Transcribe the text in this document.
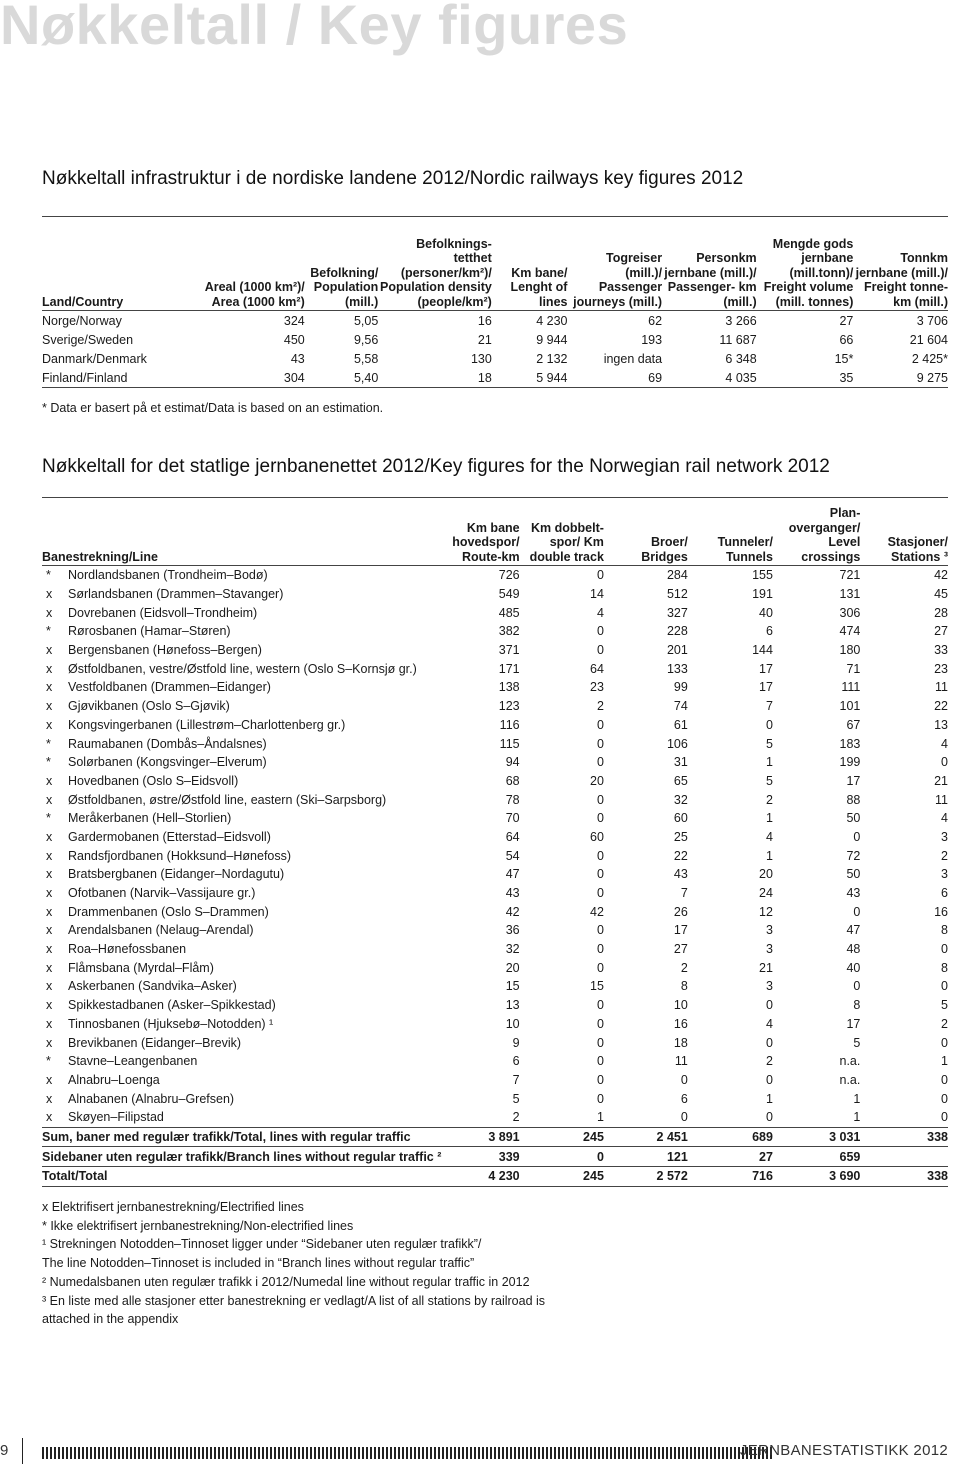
Nøkkeltall / Key figures
Nøkkeltall infrastruktur i de nordiske landene 2012/Nordic railways key figures 2012
Land/Country	Areal (1000 km²)/ Area (1000 km²)	Befolkning/ Population (mill.)	Befolknings- tetthet (personer/km²)/ Population density (people/km²)	Km bane/ Lenght of lines	Togreiser (mill.)/ Passenger journeys (mill.)	Personkm jernbane (mill.)/ Passenger- km (mill.)	Mengde gods jernbane (mill.tonn)/ Freight volume (mill. tonnes)	Tonnkm jernbane (mill.)/ Freight tonne-km (mill.)
Norge/Norway	324	5,05	16	4 230	62	3 266	27	3 706
Sverige/Sweden	450	9,56	21	9 944	193	11 687	66	21 604
Danmark/Denmark	43	5,58	130	2 132	ingen data	6 348	15*	2 425*
Finland/Finland	304	5,40	18	5 944	69	4 035	35	9 275
* Data er basert på et estimat/Data is based on an estimation.
Nøkkeltall for det statlige jernbanenettet 2012/Key figures for the Norwegian rail network 2012
Banestrekning/Line		Km bane hovedspor/ Route-km	Km dobbelt- spor/ Km double track	Broer/ Bridges	Tunneler/ Tunnels	Plan- overganger/ Level crossings	Stasjoner/ Stations ³
*	Nordlandsbanen (Trondheim–Bodø)	726	0	284	155	721	42
x	Sørlandsbanen (Drammen–Stavanger)	549	14	512	191	131	45
x	Dovrebanen (Eidsvoll–Trondheim)	485	4	327	40	306	28
*	Rørosbanen (Hamar–Støren)	382	0	228	6	474	27
x	Bergensbanen (Hønefoss–Bergen)	371	0	201	144	180	33
x	Østfoldbanen, vestre/Østfold line, western (Oslo S–Kornsjø gr.)	171	64	133	17	71	23
x	Vestfoldbanen (Drammen–Eidanger)	138	23	99	17	111	11
x	Gjøvikbanen (Oslo S–Gjøvik)	123	2	74	7	101	22
x	Kongsvingerbanen (Lillestrøm–Charlottenberg gr.)	116	0	61	0	67	13
*	Raumabanen (Dombås–Åndalsnes)	115	0	106	5	183	4
*	Solørbanen (Kongsvinger–Elverum)	94	0	31	1	199	0
x	Hovedbanen (Oslo S–Eidsvoll)	68	20	65	5	17	21
x	Østfoldbanen, østre/Østfold line, eastern (Ski–Sarpsborg)	78	0	32	2	88	11
*	Meråkerbanen (Hell–Storlien)	70	0	60	1	50	4
x	Gardermobanen (Etterstad–Eidsvoll)	64	60	25	4	0	3
x	Randsfjordbanen (Hokksund–Hønefoss)	54	0	22	1	72	2
x	Bratsbergbanen (Eidanger–Nordagutu)	47	0	43	20	50	3
x	Ofotbanen (Narvik–Vassijaure gr.)	43	0	7	24	43	6
x	Drammenbanen (Oslo S–Drammen)	42	42	26	12	0	16
x	Arendalsbanen (Nelaug–Arendal)	36	0	17	3	47	8
x	Roa–Hønefossbanen	32	0	27	3	48	0
x	Flåmsbana (Myrdal–Flåm)	20	0	2	21	40	8
x	Askerbanen (Sandvika–Asker)	15	15	8	3	0	0
x	Spikkestadbanen (Asker–Spikkestad)	13	0	10	0	8	5
x	Tinnosbanen (Hjuksebø–Notodden) ¹	10	0	16	4	17	2
x	Brevikbanen (Eidanger–Brevik)	9	0	18	0	5	0
*	Stavne–Leangenbanen	6	0	11	2	n.a.	1
x	Alnabru–Loenga	7	0	0	0	n.a.	0
x	Alnabanen (Alnabru–Grefsen)	5	0	6	1	1	0
x	Skøyen–Filipstad	2	1	0	0	1	0
Sum, baner med regulær trafikk/Total, lines with regular traffic		3 891	245	2 451	689	3 031	338
Sidebaner uten regulær trafikk/Branch lines without regular traffic ²		339	0	121	27	659	
Totalt/Total		4 230	245	2 572	716	3 690	338
x Elektrifisert jernbanestrekning/Electrified lines
* Ikke elektrifisert jernbanestrekning/Non-electrified lines
¹ Strekningen Notodden–Tinnoset ligger under “Sidebaner uten regulær trafikk”/
The line Notodden–Tinnoset is included in “Branch lines without regular traffic”
² Numedalsbanen uten regulær trafikk i 2012/Numedal line without regular traffic in 2012
³ En liste med alle stasjoner etter banestrekning er vedlagt/A list of all stations by railroad is
attached in the appendix
9	JERNBANESTATISTIKK 2012
